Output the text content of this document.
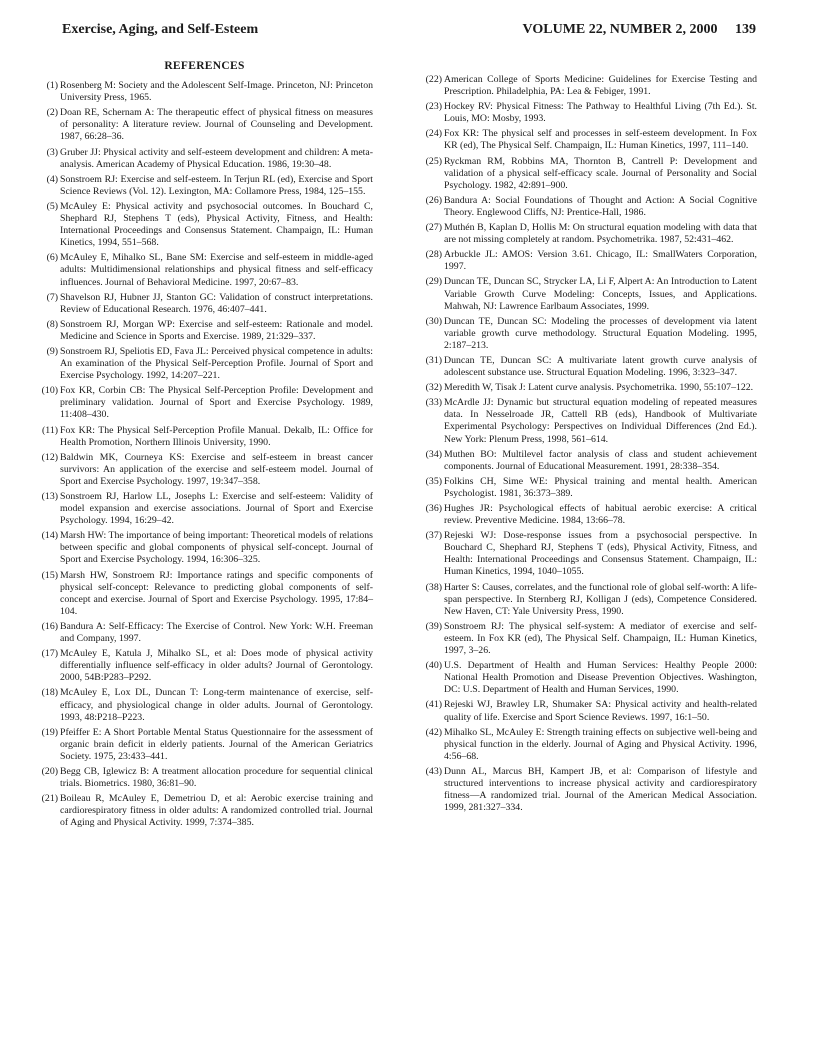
Exercise, Aging, and Self-Esteem	VOLUME 22, NUMBER 2, 2000     139
REFERENCES
(1) Rosenberg M: Society and the Adolescent Self-Image. Princeton, NJ: Princeton University Press, 1965.
(2) Doan RE, Schernam A: The therapeutic effect of physical fitness on measures of personality: A literature review. Journal of Counseling and Development. 1987, 66:28–36.
(3) Gruber JJ: Physical activity and self-esteem development and children: A meta-analysis. American Academy of Physical Education. 1986, 19:30–48.
(4) Sonstroem RJ: Exercise and self-esteem. In Terjun RL (ed), Exercise and Sport Science Reviews (Vol. 12). Lexington, MA: Collamore Press, 1984, 125–155.
(5) McAuley E: Physical activity and psychosocial outcomes. In Bouchard C, Shephard RJ, Stephens T (eds), Physical Activity, Fitness, and Health: International Proceedings and Consensus Statement. Champaign, IL: Human Kinetics, 1994, 551–568.
(6) McAuley E, Mihalko SL, Bane SM: Exercise and self-esteem in middle-aged adults: Multidimensional relationships and physical fitness and self-efficacy influences. Journal of Behavioral Medicine. 1997, 20:67–83.
(7) Shavelson RJ, Hubner JJ, Stanton GC: Validation of construct interpretations. Review of Educational Research. 1976, 46:407–441.
(8) Sonstroem RJ, Morgan WP: Exercise and self-esteem: Rationale and model. Medicine and Science in Sports and Exercise. 1989, 21:329–337.
(9) Sonstroem RJ, Speliotis ED, Fava JL: Perceived physical competence in adults: An examination of the Physical Self-Perception Profile. Journal of Sport and Exercise Psychology. 1992, 14:207–221.
(10) Fox KR, Corbin CB: The Physical Self-Perception Profile: Development and preliminary validation. Journal of Sport and Exercise Psychology. 1989, 11:408–430.
(11) Fox KR: The Physical Self-Perception Profile Manual. Dekalb, IL: Office for Health Promotion, Northern Illinois University, 1990.
(12) Baldwin MK, Courneya KS: Exercise and self-esteem in breast cancer survivors: An application of the exercise and self-esteem model. Journal of Sport and Exercise Psychology. 1997, 19:347–358.
(13) Sonstroem RJ, Harlow LL, Josephs L: Exercise and self-esteem: Validity of model expansion and exercise associations. Journal of Sport and Exercise Psychology. 1994, 16:29–42.
(14) Marsh HW: The importance of being important: Theoretical models of relations between specific and global components of physical self-concept. Journal of Sport and Exercise Psychology. 1994, 16:306–325.
(15) Marsh HW, Sonstroem RJ: Importance ratings and specific components of physical self-concept: Relevance to predicting global components of self-concept and exercise. Journal of Sport and Exercise Psychology. 1995, 17:84–104.
(16) Bandura A: Self-Efficacy: The Exercise of Control. New York: W.H. Freeman and Company, 1997.
(17) McAuley E, Katula J, Mihalko SL, et al: Does mode of physical activity differentially influence self-efficacy in older adults? Journal of Gerontology. 2000, 54B:P283–P292.
(18) McAuley E, Lox DL, Duncan T: Long-term maintenance of exercise, self-efficacy, and physiological change in older adults. Journal of Gerontology. 1993, 48:P218–P223.
(19) Pfeiffer E: A Short Portable Mental Status Questionnaire for the assessment of organic brain deficit in elderly patients. Journal of the American Geriatrics Society. 1975, 23:433–441.
(20) Begg CB, Iglewicz B: A treatment allocation procedure for sequential clinical trials. Biometrics. 1980, 36:81–90.
(21) Boileau R, McAuley E, Demetriou D, et al: Aerobic exercise training and cardiorespiratory fitness in older adults: A randomized controlled trial. Journal of Aging and Physical Activity. 1999, 7:374–385.
(22) American College of Sports Medicine: Guidelines for Exercise Testing and Prescription. Philadelphia, PA: Lea & Febiger, 1991.
(23) Hockey RV: Physical Fitness: The Pathway to Healthful Living (7th Ed.). St. Louis, MO: Mosby, 1993.
(24) Fox KR: The physical self and processes in self-esteem development. In Fox KR (ed), The Physical Self. Champaign, IL: Human Kinetics, 1997, 111–140.
(25) Ryckman RM, Robbins MA, Thornton B, Cantrell P: Development and validation of a physical self-efficacy scale. Journal of Personality and Social Psychology. 1982, 42:891–900.
(26) Bandura A: Social Foundations of Thought and Action: A Social Cognitive Theory. Englewood Cliffs, NJ: Prentice-Hall, 1986.
(27) Muthén B, Kaplan D, Hollis M: On structural equation modeling with data that are not missing completely at random. Psychometrika. 1987, 52:431–462.
(28) Arbuckle JL: AMOS: Version 3.61. Chicago, IL: SmallWaters Corporation, 1997.
(29) Duncan TE, Duncan SC, Strycker LA, Li F, Alpert A: An Introduction to Latent Variable Growth Curve Modeling: Concepts, Issues, and Applications. Mahwah, NJ: Lawrence Earlbaum Associates, 1999.
(30) Duncan TE, Duncan SC: Modeling the processes of development via latent variable growth curve methodology. Structural Equation Modeling. 1995, 2:187–213.
(31) Duncan TE, Duncan SC: A multivariate latent growth curve analysis of adolescent substance use. Structural Equation Modeling. 1996, 3:323–347.
(32) Meredith W, Tisak J: Latent curve analysis. Psychometrika. 1990, 55:107–122.
(33) McArdle JJ: Dynamic but structural equation modeling of repeated measures data. In Nesselroade JR, Cattell RB (eds), Handbook of Multivariate Experimental Psychology: Perspectives on Individual Differences (2nd Ed.). New York: Plenum Press, 1998, 561–614.
(34) Muthen BO: Multilevel factor analysis of class and student achievement components. Journal of Educational Measurement. 1991, 28:338–354.
(35) Folkins CH, Sime WE: Physical training and mental health. American Psychologist. 1981, 36:373–389.
(36) Hughes JR: Psychological effects of habitual aerobic exercise: A critical review. Preventive Medicine. 1984, 13:66–78.
(37) Rejeski WJ: Dose-response issues from a psychosocial perspective. In Bouchard C, Shephard RJ, Stephens T (eds), Physical Activity, Fitness, and Health: International Proceedings and Consensus Statement. Champaign, IL: Human Kinetics, 1994, 1040–1055.
(38) Harter S: Causes, correlates, and the functional role of global self-worth: A life-span perspective. In Sternberg RJ, Kolligan J (eds), Competence Considered. New Haven, CT: Yale University Press, 1990.
(39) Sonstroem RJ: The physical self-system: A mediator of exercise and self-esteem. In Fox KR (ed), The Physical Self. Champaign, IL: Human Kinetics, 1997, 3–26.
(40) U.S. Department of Health and Human Services: Healthy People 2000: National Health Promotion and Disease Prevention Objectives. Washington, DC: U.S. Department of Health and Human Services, 1990.
(41) Rejeski WJ, Brawley LR, Shumaker SA: Physical activity and health-related quality of life. Exercise and Sport Science Reviews. 1997, 16:1–50.
(42) Mihalko SL, McAuley E: Strength training effects on subjective well-being and physical function in the elderly. Journal of Aging and Physical Activity. 1996, 4:56–68.
(43) Dunn AL, Marcus BH, Kampert JB, et al: Comparison of lifestyle and structured interventions to increase physical activity and cardiorespiratory fitness—A randomized trial. Journal of the American Medical Association. 1999, 281:327–334.
